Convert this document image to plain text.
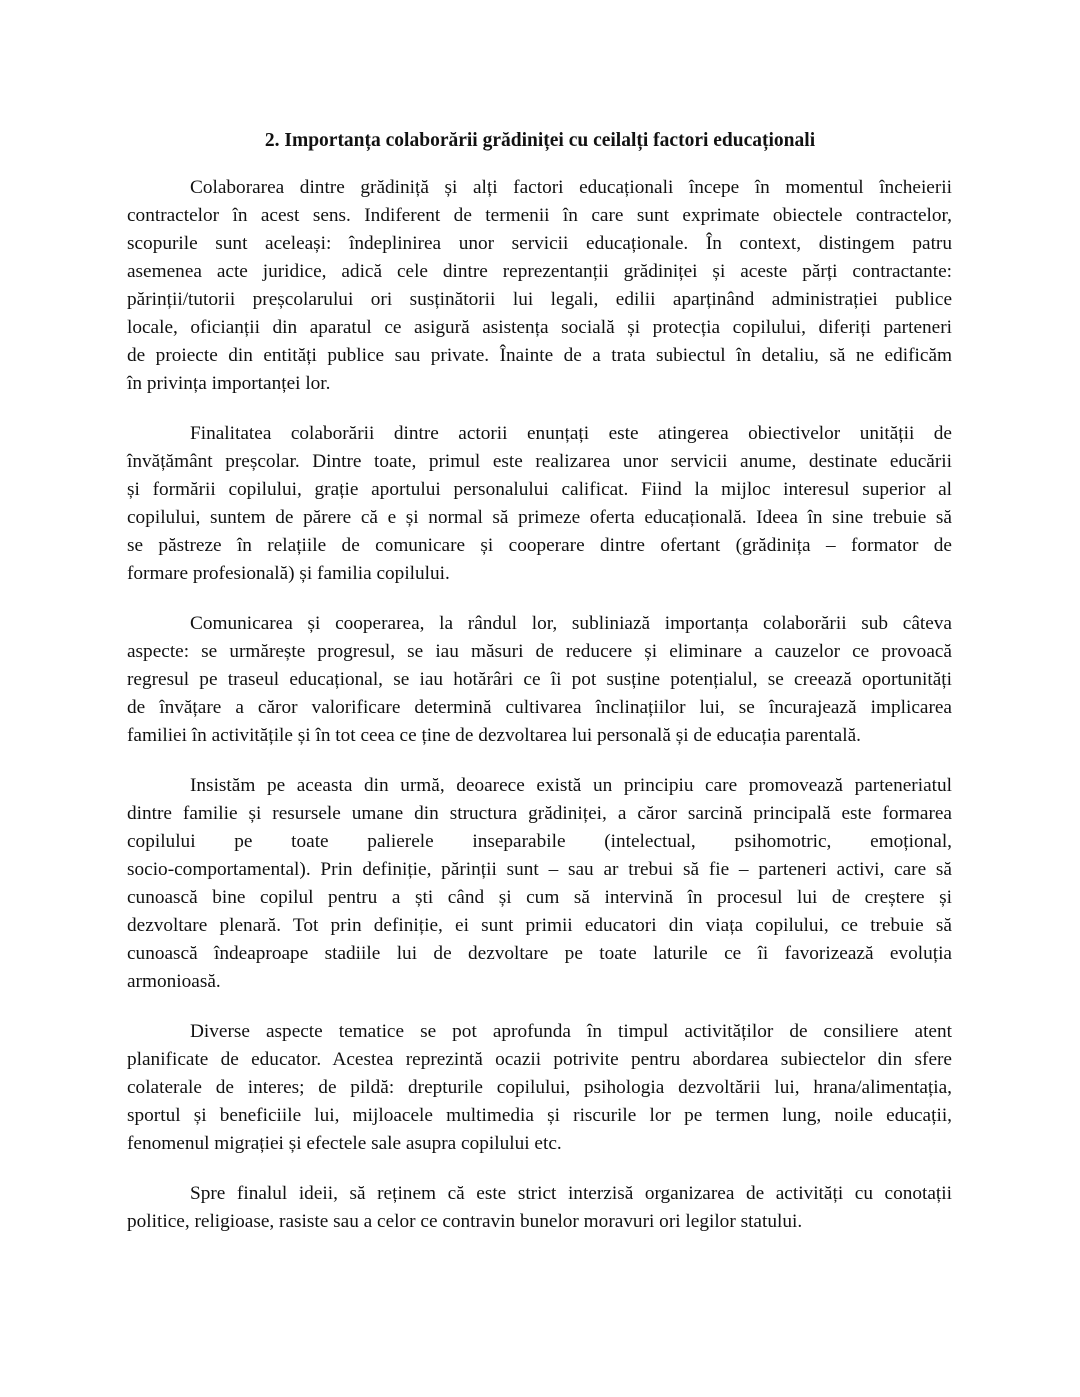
2. Importanța colaborării grădiniței cu ceilalți factori educaționali
Colaborarea dintre grădiniță și alți factori educaționali începe în momentul încheierii
contractelor în acest sens. Indiferent de termenii în care sunt exprimate obiectele contractelor,
scopurile sunt aceleași: îndeplinirea unor servicii educaționale. În context, distingem patru
asemenea acte juridice, adică cele dintre reprezentanții grădiniței și aceste părți contractante:
părinții/tutorii preșcolarului ori susținătorii lui legali, edilii aparținând administrației publice
locale, oficianții din aparatul ce asigură asistența socială și protecția copilului, diferiți parteneri
de proiecte din entități publice sau private. Înainte de a trata subiectul în detaliu, să ne edificăm
în privința importanței lor.
Finalitatea colaborării dintre actorii enunțați este atingerea obiectivelor unității de
învățământ preșcolar. Dintre toate, primul este realizarea unor servicii anume, destinate educării
și formării copilului, grație aportului personalului calificat. Fiind la mijloc interesul superior al
copilului, suntem de părere că e și normal să primeze oferta educațională. Ideea în sine trebuie să
se păstreze în relațiile de comunicare și cooperare dintre ofertant (grădinița – formator de
formare profesională) și familia copilului.
Comunicarea și cooperarea, la rândul lor, subliniază importanța colaborării sub câteva
aspecte: se urmărește progresul, se iau măsuri de reducere și eliminare a cauzelor ce provoacă
regresul pe traseul educațional, se iau hotărâri ce îi pot susține potențialul, se creează oportunități
de învățare a căror valorificare determină cultivarea înclinațiilor lui, se încurajează implicarea
familiei în activitățile și în tot ceea ce ține de dezvoltarea lui personală și de educația parentală.
Insistăm pe aceasta din urmă, deoarece există un principiu care promovează parteneriatul
dintre familie și resursele umane din structura grădiniței, a căror sarcină principală este formarea
copilului pe toate palierele inseparabile (intelectual, psihomotric, emoțional,
socio-comportamental). Prin definiție, părinții sunt – sau ar trebui să fie – parteneri activi, care să
cunoască bine copilul pentru a ști când și cum să intervină în procesul lui de creștere și
dezvoltare plenară. Tot prin definiție, ei sunt primii educatori din viața copilului, ce trebuie să
cunoască îndeaproape stadiile lui de dezvoltare pe toate laturile ce îi favorizează evoluția
armonioasă.
Diverse aspecte tematice se pot aprofunda în timpul activităților de consiliere atent
planificate de educator. Acestea reprezintă ocazii potrivite pentru abordarea subiectelor din sfere
colaterale de interes; de pildă: drepturile copilului, psihologia dezvoltării lui, hrana/alimentația,
sportul și beneficiile lui, mijloacele multimedia și riscurile lor pe termen lung, noile educații,
fenomenul migrației și efectele sale asupra copilului etc.
Spre finalul ideii, să reținem că este strict interzisă organizarea de activități cu conotații
politice, religioase, rasiste sau a celor ce contravin bunelor moravuri ori legilor statului.
